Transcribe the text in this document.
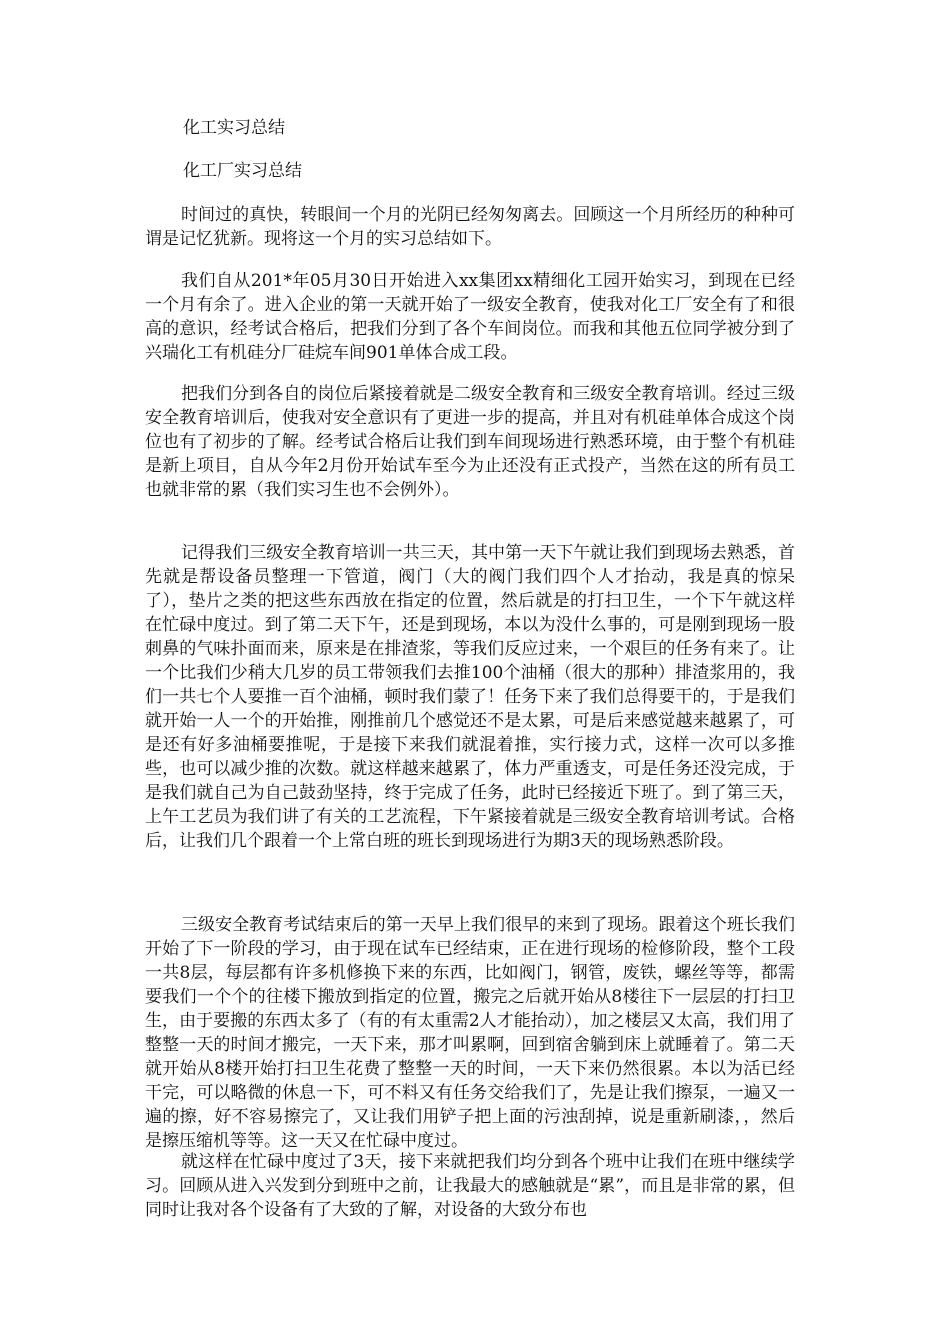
化工实习总结

化工厂实习总结

时间过的真快，转眼间一个月的光阴已经匆匆离去。回顾这一个月所经历的种种可谓是记忆犹新。现将这一个月的实习总结如下。

我们自从201*年05月30日开始进入xx集团xx精细化工园开始实习，到现在已经一个月有余了。进入企业的第一天就开始了一级安全教育，使我对化工厂安全有了和很高的意识，经考试合格后，把我们分到了各个车间岗位。而我和其他五位同学被分到了兴瑞化工有机硅分厂硅烷车间901单体合成工段。

把我们分到各自的岗位后紧接着就是二级安全教育和三级安全教育培训。经过三级安全教育培训后，使我对安全意识有了更进一步的提高，并且对有机硅单体合成这个岗位也有了初步的了解。经考试合格后让我们到车间现场进行熟悉环境，由于整个有机硅是新上项目，自从今年2月份开始试车至今为止还没有正式投产，当然在这的所有员工也就非常的累（我们实习生也不会例外）。

记得我们三级安全教育培训一共三天，其中第一天下午就让我们到现场去熟悉，首先就是帮设备员整理一下管道，阀门（大的阀门我们四个人才抬动，我是真的惊呆了），垫片之类的把这些东西放在指定的位置，然后就是的打扫卫生，一个下午就这样在忙碌中度过。到了第二天下午，还是到现场，本以为没什么事的，可是刚到现场一股刺鼻的气味扑面而来，原来是在排渣浆，等我们反应过来，一个艰巨的任务有来了。让一个比我们少稍大几岁的员工带领我们去推100个油桶（很大的那种）排渣浆用的，我们一共七个人要推一百个油桶，顿时我们蒙了！任务下来了我们总得要干的，于是我们就开始一人一个的开始推，刚推前几个感觉还不是太累，可是后来感觉越来越累了，可是还有好多油桶要推呢，于是接下来我们就混着推，实行接力式，这样一次可以多推些，也可以减少推的次数。就这样越来越累了，体力严重透支，可是任务还没完成，于是我们就自己为自己鼓劲坚持，终于完成了任务，此时已经接近下班了。到了第三天，上午工艺员为我们讲了有关的工艺流程，下午紧接着就是三级安全教育培训考试。合格后，让我们几个跟着一个上常白班的班长到现场进行为期3天的现场熟悉阶段。

三级安全教育考试结束后的第一天早上我们很早的来到了现场。跟着这个班长我们开始了下一阶段的学习，由于现在试车已经结束，正在进行现场的检修阶段，整个工段一共8层，每层都有许多机修换下来的东西，比如阀门，钢管，废铁，螺丝等等，都需要我们一个个的往楼下搬放到指定的位置，搬完之后就开始从8楼往下一层层的打扫卫生，由于要搬的东西太多了（有的有太重需2人才能抬动），加之楼层又太高，我们用了整整一天的时间才搬完，一天下来，那才叫累啊，回到宿舍躺到床上就睡着了。第二天就开始从8楼开始打扫卫生花费了整整一天的时间，一天下来仍然很累。本以为活已经干完，可以略微的休息一下，可不料又有任务交给我们了，先是让我们擦泵，一遍又一遍的擦，好不容易擦完了，又让我们用铲子把上面的污浊刮掉，说是重新刷漆，，然后是擦压缩机等等。这一天又在忙碌中度过。

就这样在忙碌中度过了3天，接下来就把我们均分到各个班中让我们在班中继续学习。回顾从进入兴发到分到班中之前，让我最大的感触就是“累”，而且是非常的累，但同时让我对各个设备有了大致的了解，对设备的大致分布也
